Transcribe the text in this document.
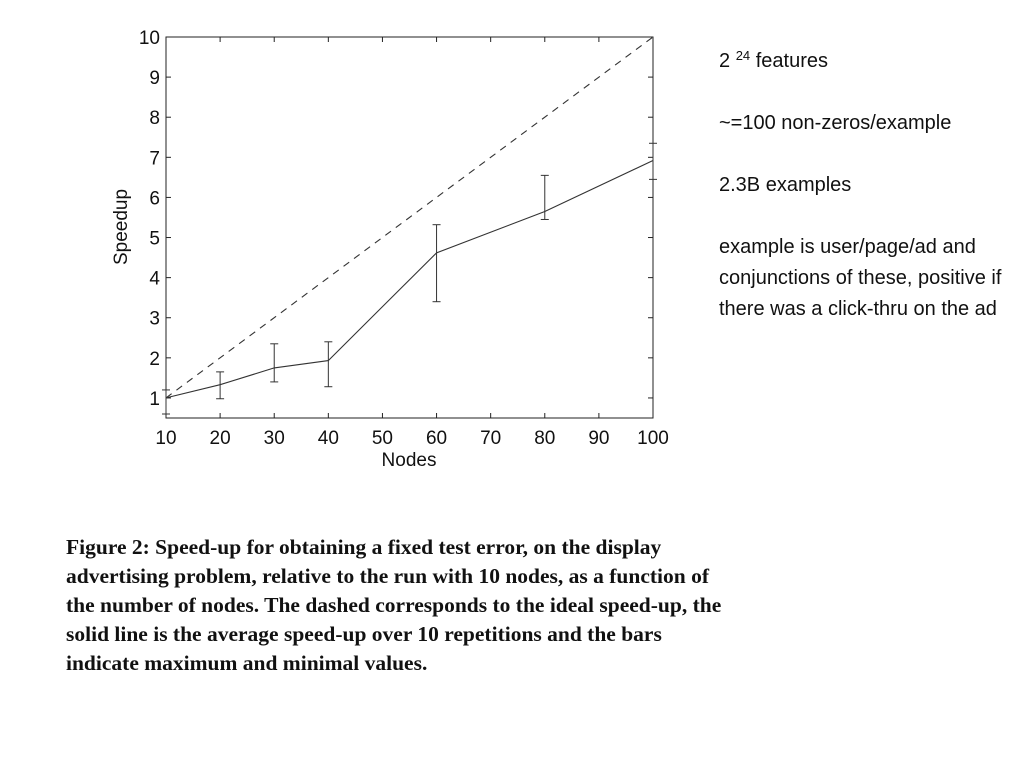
10 20 30 40 50 60 70 80 90 100
1
2
3
4
5
6
7
8
9
10
Nodes
Speedup

2 $^{24}$ features

~=100 non-zeros/example

2.3B examples

example is user/page/ad and conjunctions of these, positive if there was a click-thru on the ad

Figure 2: Speed-up for obtaining a fixed test error, on the display advertising problem, relative to the run with 10 nodes, as a function of the number of nodes. The dashed corresponds to the ideal speed-up, the solid line is the average speed-up over 10 repetitions and the bars indicate maximum and minimal values.
